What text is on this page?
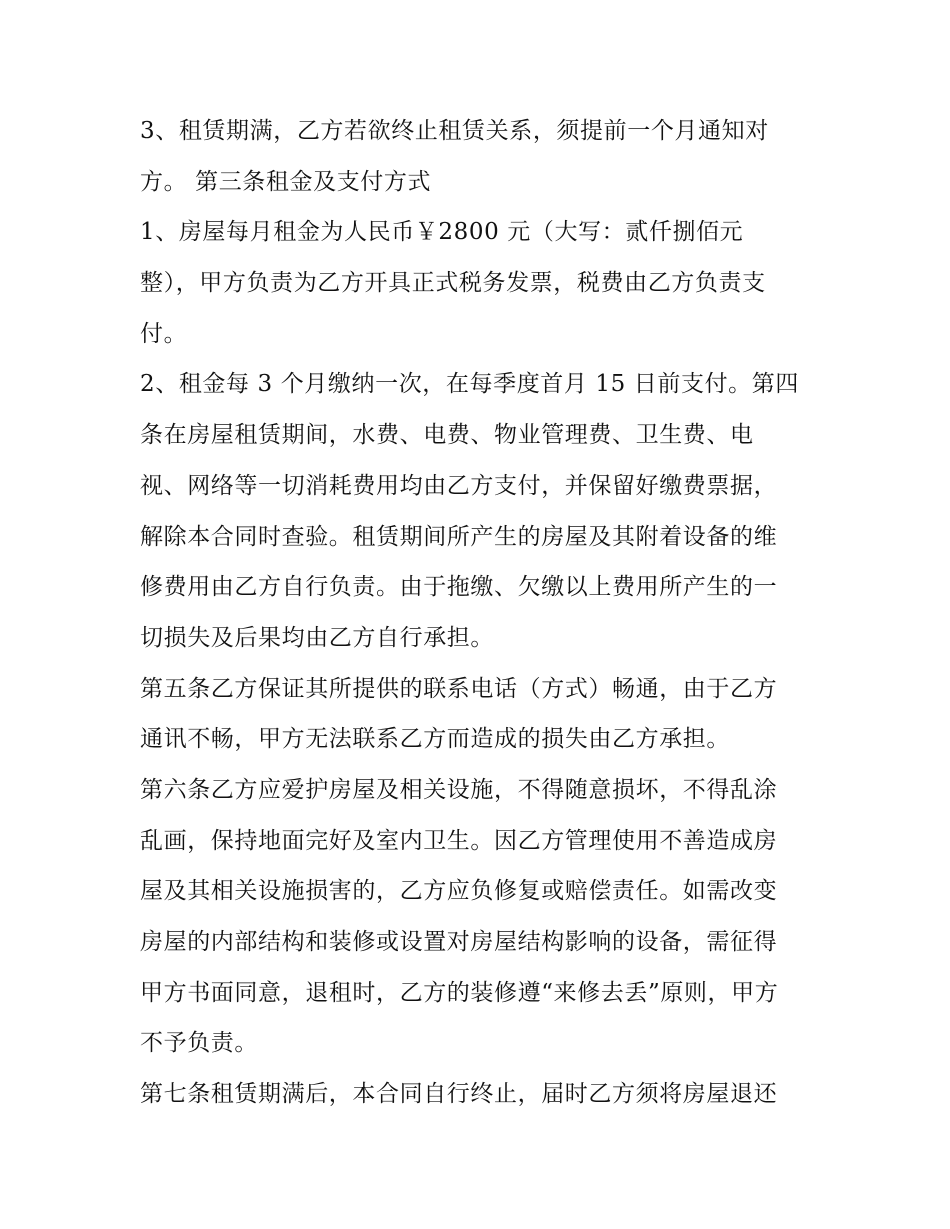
3、租赁期满，乙方若欲终止租赁关系，须提前一个月通知对
方。 第三条租金及支付方式
1、房屋每月租金为人民币￥2800 元（大写：贰仟捌佰元
整），甲方负责为乙方开具正式税务发票，税费由乙方负责支
付。
2、租金每 3 个月缴纳一次，在每季度首月 15 日前支付。第四
条在房屋租赁期间，水费、电费、物业管理费、卫生费、电
视、网络等一切消耗费用均由乙方支付，并保留好缴费票据，
解除本合同时查验。租赁期间所产生的房屋及其附着设备的维
修费用由乙方自行负责。由于拖缴、欠缴以上费用所产生的一
切损失及后果均由乙方自行承担。
第五条乙方保证其所提供的联系电话（方式）畅通，由于乙方
通讯不畅，甲方无法联系乙方而造成的损失由乙方承担。
第六条乙方应爱护房屋及相关设施，不得随意损坏，不得乱涂
乱画，保持地面完好及室内卫生。因乙方管理使用不善造成房
屋及其相关设施损害的，乙方应负修复或赔偿责任。如需改变
房屋的内部结构和装修或设置对房屋结构影响的设备，需征得
甲方书面同意，退租时，乙方的装修遵“来修去丢”原则，甲方
不予负责。
第七条租赁期满后，本合同自行终止，届时乙方须将房屋退还
